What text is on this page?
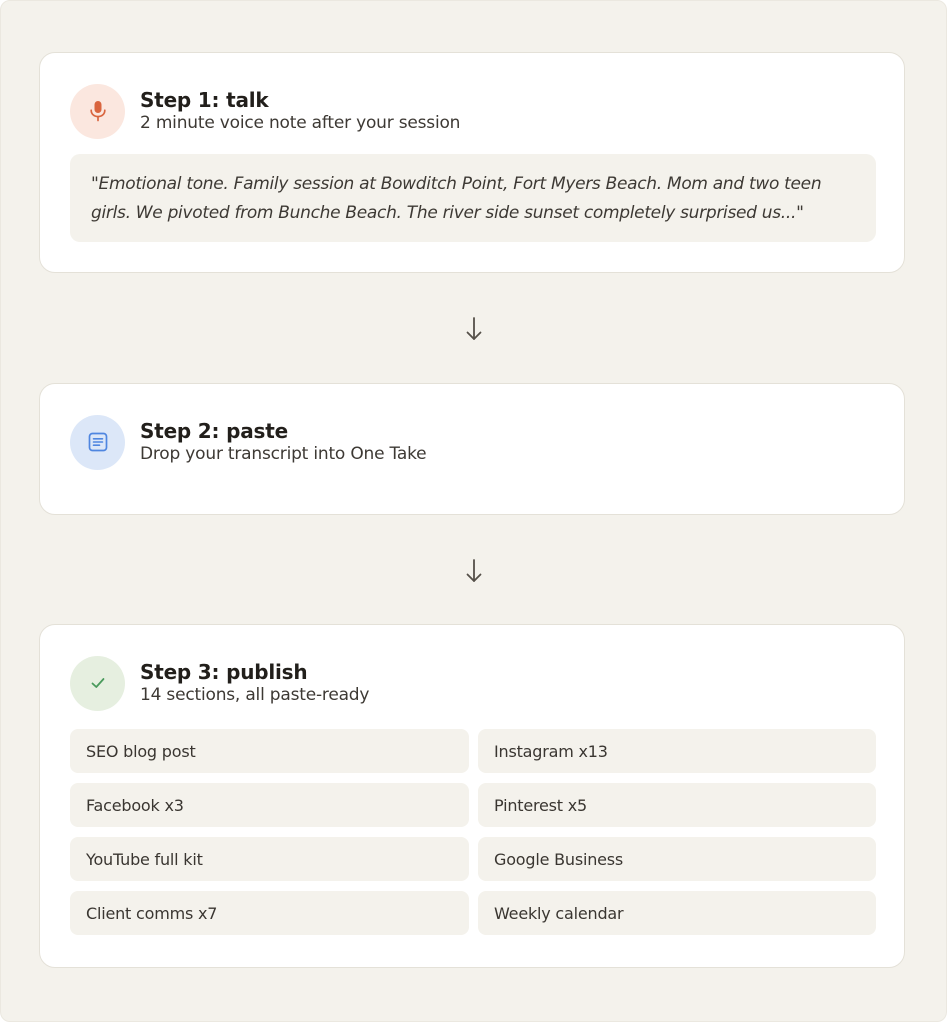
Step 1: talk
2 minute voice note after your session
"Emotional tone. Family session at Bowditch Point, Fort Myers Beach. Mom and two teen girls. We pivoted from Bunche Beach. The river side sunset completely surprised us..."
Step 2: paste
Drop your transcript into One Take
Step 3: publish
14 sections, all paste-ready
SEO blog post	Instagram x13
Facebook x3	Pinterest x5
YouTube full kit	Google Business
Client comms x7	Weekly calendar
